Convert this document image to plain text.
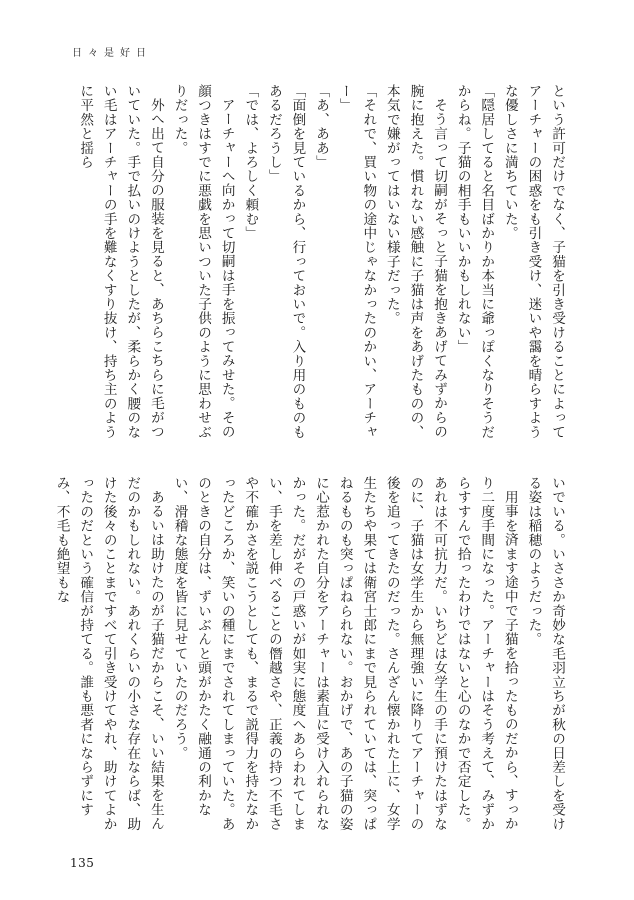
日々是好日

という許可だけでなく、子猫を引き受けることによってアーチャーの困惑をも引き受け、迷いや靄を晴らすような優しさに満ちていた。

「隠居してると名目ばかりか本当に爺っぽくなりそうだからね。子猫の相手もいいかもしれない」

そう言って切嗣がそっと子猫を抱きあげてみずからの腕に抱えた。慣れない感触に子猫は声をあげたものの、本気で嫌がってはいない様子だった。

「それで、買い物の途中じゃなかったのかい、アーチャー」

「あ、ああ」

「面倒を見ているから、行っておいで。入り用のものもあるだろうし」

「では、よろしく頼む」

アーチャーへ向かって切嗣は手を振ってみせた。その顔つきはすでに悪戯を思いついた子供のように思わせぶりだった。

外へ出て自分の服装を見ると、あちらこちらに毛がついていた。手で払いのけようとしたが、柔らかく腰のない毛はアーチャーの手を難なくすり抜け、持ち主のように平然と揺ら

いでいる。いささか奇妙な毛羽立ちが秋の日差しを受ける姿は稲穂のようだった。

用事を済ます途中で子猫を拾ったものだから、すっかり二度手間になった。アーチャーはそう考えて、みずからすすんで拾ったわけではないと心のなかで否定した。あれは不可抗力だ。いちどは女学生の手に預けたはずなのに、子猫は女学生から無理強いに降りてアーチャーの後を追ってきたのだった。さんざん懐かれた上に、女学生たちや果ては衛宮士郎にまで見られていては、突っぱねるものも突っぱねられない。おかげで、あの子猫の姿に心惹かれた自分をアーチャーは素直に受け入れられなかった。だがその戸惑いが如実に態度へあらわれてしまい、手を差し伸べることの僭越さや、正義の持つ不毛さや不確かさを説こうとしても、まるで説得力を持たなかったどころか、笑いの種にまでされてしまっていた。あのときの自分は、ずいぶんと頭がかたく融通の利かない、滑稽な態度を皆に見せていたのだろう。

あるいは助けたのが子猫だからこそ、いい結果を生んだのかもしれない。あれくらいの小さな存在ならば、助けた後々のことまですべて引き受けてやれ、助けてよかったのだという確信が持てる。誰も悪者にならずにすみ、不毛も絶望もな

135
